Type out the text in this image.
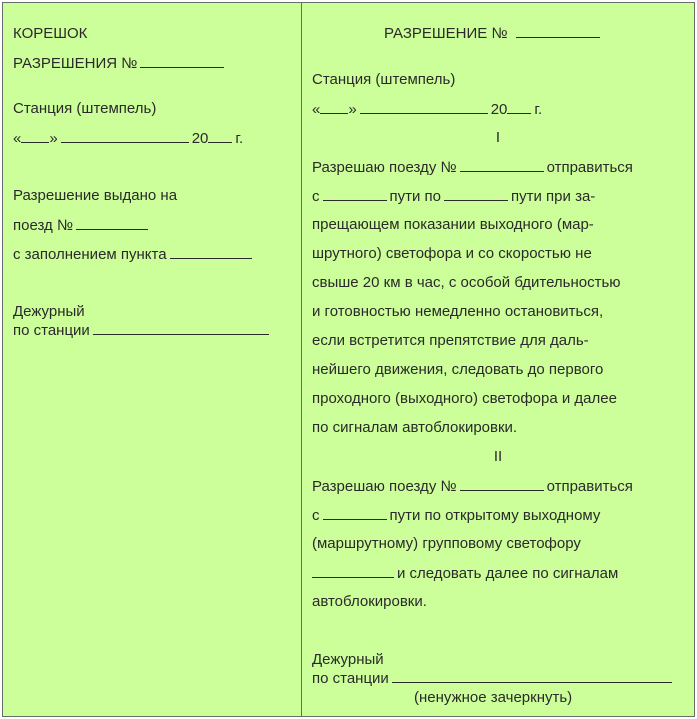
КОРЕШОК
РАЗРЕШЕНИЯ №
Станция (штемпель)
« »	20 г.
Разрешение выдано на
поезд №
с заполнением пункта
Дежурный
по станции
РАЗРЕШЕНИЕ №
Станция (штемпель)
« »	20 г.
I
Разрешаю поезду №	отправиться
с	пути по	пути при за-
прещающем показании выходного (мар-
шрутного) светофора и со скоростью не
свыше 20 км в час, с особой бдительностью
и готовностью немедленно остановиться,
если встретится препятствие для даль-
нейшего движения, следовать до первого
проходного (выходного) светофора и далее
по сигналам автоблокировки.
II
Разрешаю поезду №	отправиться
с	пути по открытому выходному
(маршрутному) групповому светофору
и следовать далее по сигналам
автоблокировки.
Дежурный
по станции
(ненужное зачеркнуть)
